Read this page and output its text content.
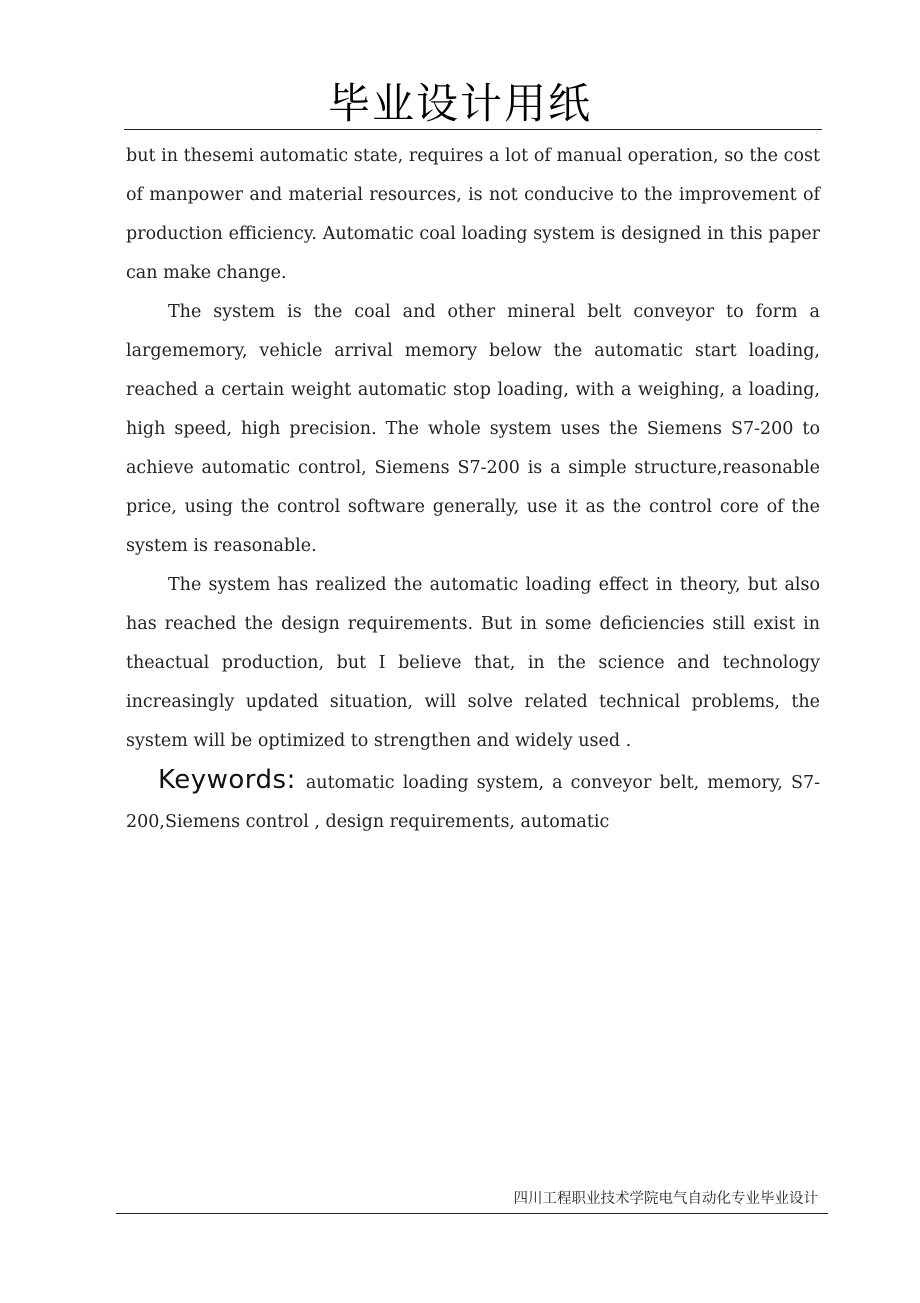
毕业设计用纸

but in thesemi automatic state, requires a lot of manual operation, so the cost of manpower and material resources, is not conducive to the improvement of production efficiency. Automatic coal loading system is designed in this paper can make change.

The system is the coal and other mineral belt conveyor to form a largememory, vehicle arrival memory below the automatic start loading, reached a certain weight automatic stop loading, with a weighing, a loading, high speed, high precision. The whole system uses the Siemens S7-200 to achieve automatic control, Siemens S7-200 is a simple structure,reasonable price, using the control software generally, use it as the control core of the system is reasonable.

The system has realized the automatic loading effect in theory, but also has reached the design requirements. But in some deficiencies still exist in theactual production, but I believe that, in the science and technology increasingly updated situation, will solve related technical problems, the system will be optimized to strengthen and widely used .

Keywords: automatic loading system, a conveyor belt, memory, S7-200,Siemens control , design requirements, automatic

四川工程职业技术学院电气自动化专业毕业设计
